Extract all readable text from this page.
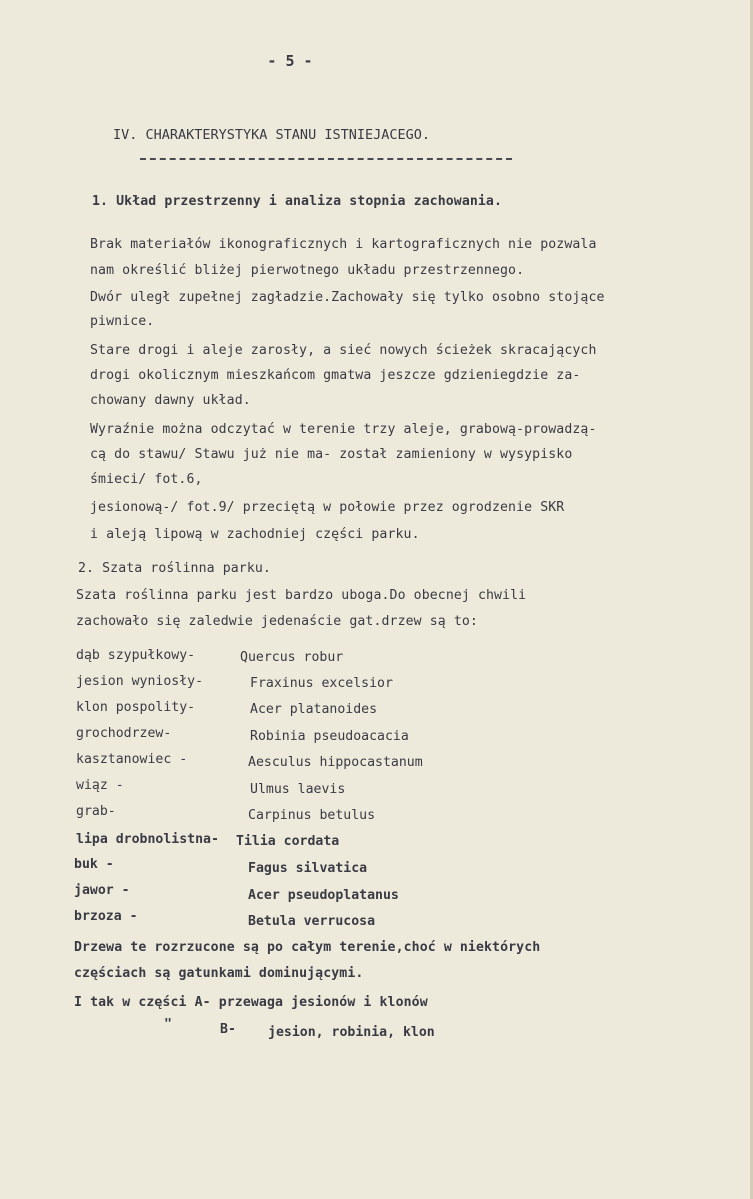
- 5 -
IV. CHARAKTERYSTYKA STANU ISTNIEJACEGO.
1. Układ przestrzenny i analiza stopnia zachowania.
Brak materiałów ikonograficznych i kartograficznych nie pozwala
nam określić bliżej pierwotnego układu przestrzennego.
Dwór uległ zupełnej zagładzie.Zachowały się tylko osobno stojące
piwnice.
Stare drogi i aleje zarosły, a sieć nowych ścieżek skracających
drogi okolicznym mieszkańcom gmatwa jeszcze gdzieniegdzie za-
chowany dawny układ.
Wyraźnie można odczytać w terenie trzy aleje, grabową-prowadzą-
cą do stawu/ Stawu już nie ma- został zamieniony w wysypisko
śmieci/ fot.6,
jesionową-/ fot.9/ przeciętą w połowie przez ogrodzenie SKR
i aleją lipową w zachodniej części parku.
2. Szata roślinna parku.
Szata roślinna parku jest bardzo uboga.Do obecnej chwili
zachowało się zaledwie jedenaście gat.drzew są to:
dąb szypułkowy-	Quercus robur
jesion wyniosły-	Fraxinus excelsior
klon pospolity-	Acer platanoides
grochodrzew-	Robinia pseudoacacia
kasztanowiec -	Aesculus hippocastanum
wiąz -	Ulmus laevis
grab-	Carpinus betulus
lipa drobnolistna- Tilia cordata
buk -	Fagus silvatica
jawor -	Acer pseudoplatanus
brzoza -	Betula verrucosa
Drzewa te rozrzucone są po całym terenie,choć w niektórych
częściach są gatunkami dominującymi.
I tak w części A- przewaga jesionów i klonów
"	B- jesion, robinia, klon
